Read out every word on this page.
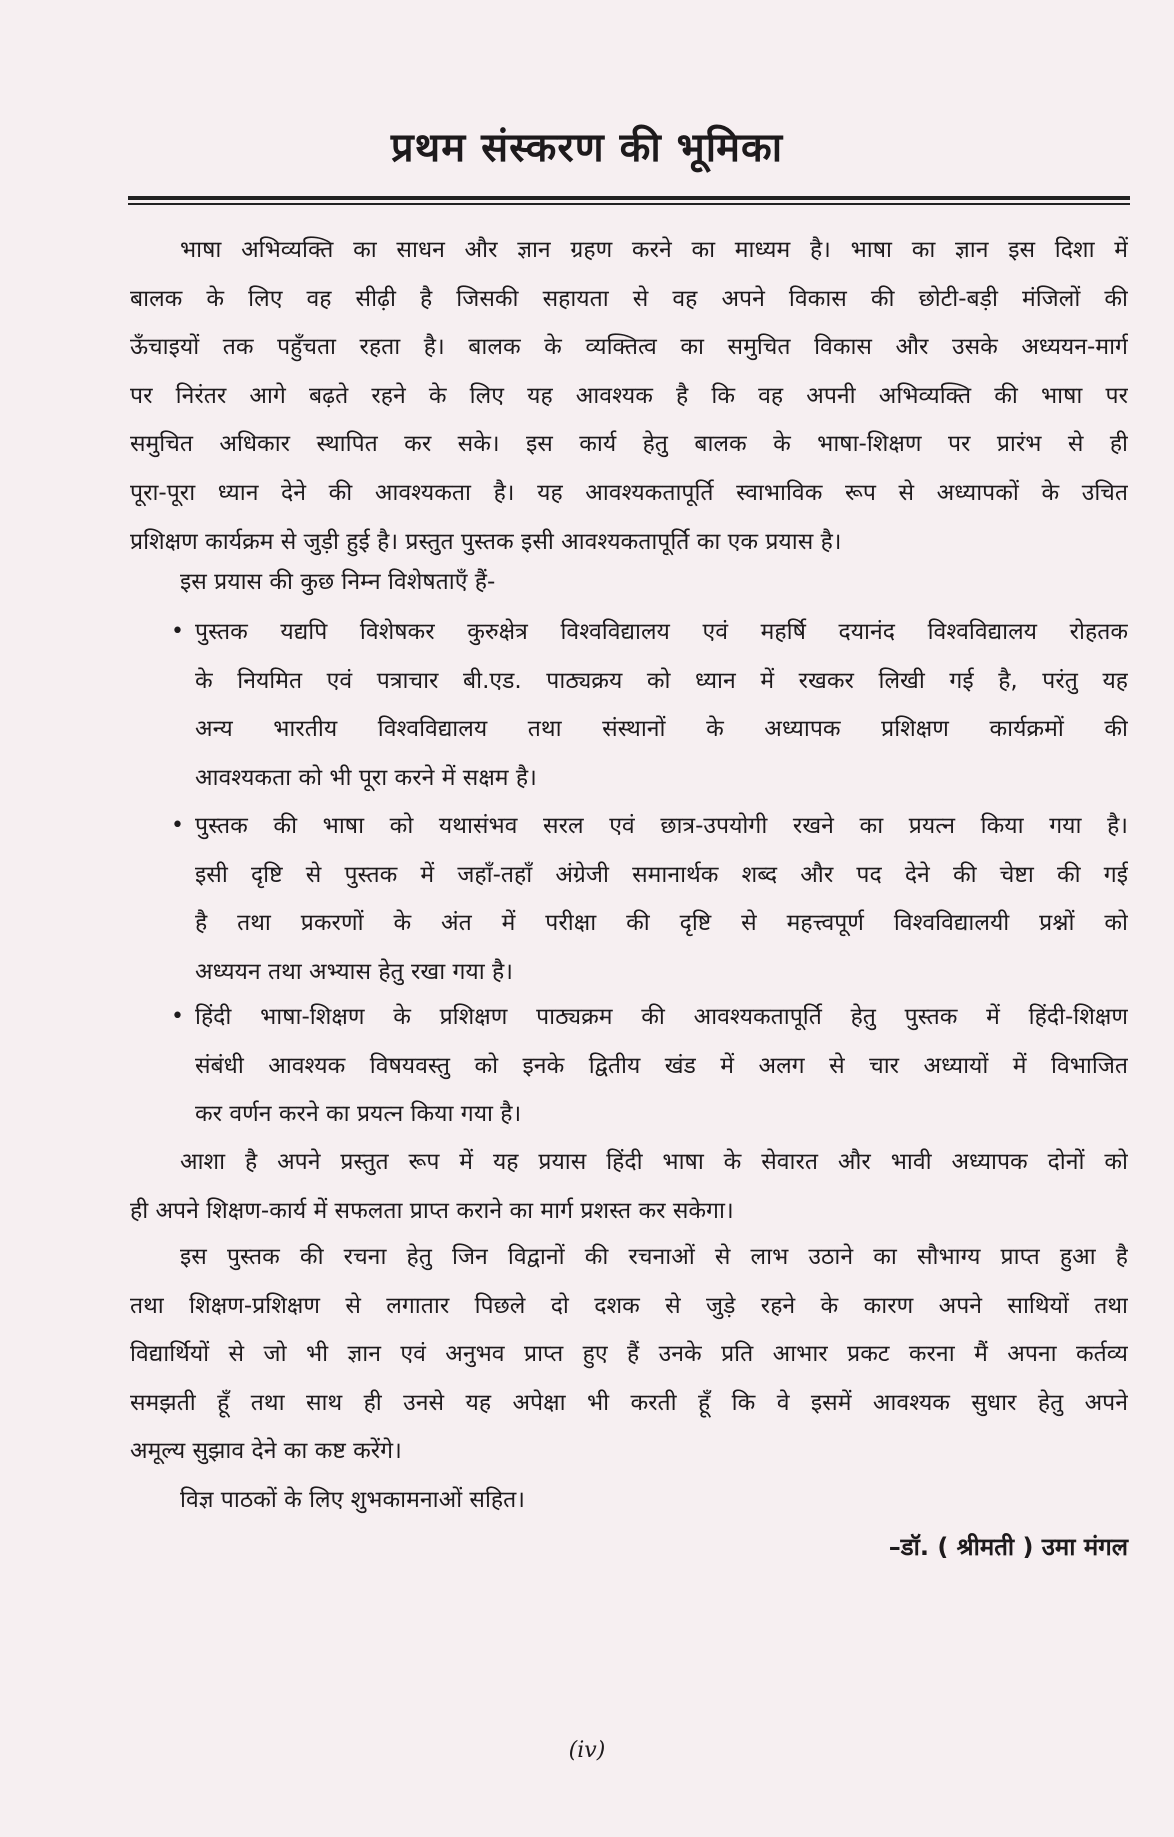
प्रथम संस्करण की भूमिका
भाषा अभिव्यक्ति का साधन और ज्ञान ग्रहण करने का माध्यम है। भाषा का ज्ञान इस दिशा में
बालक के लिए वह सीढ़ी है जिसकी सहायता से वह अपने विकास की छोटी-बड़ी मंजिलों की
ऊँचाइयों तक पहुँचता रहता है। बालक के व्यक्तित्व का समुचित विकास और उसके अध्ययन-मार्ग
पर निरंतर आगे बढ़ते रहने के लिए यह आवश्यक है कि वह अपनी अभिव्यक्ति की भाषा पर
समुचित अधिकार स्थापित कर सके। इस कार्य हेतु बालक के भाषा-शिक्षण पर प्रारंभ से ही
पूरा-पूरा ध्यान देने की आवश्यकता है। यह आवश्यकतापूर्ति स्वाभाविक रूप से अध्यापकों के उचित
प्रशिक्षण कार्यक्रम से जुड़ी हुई है। प्रस्तुत पुस्तक इसी आवश्यकतापूर्ति का एक प्रयास है।
इस प्रयास की कुछ निम्न विशेषताएँ हैं-
• पुस्तक यद्यपि विशेषकर कुरुक्षेत्र विश्वविद्यालय एवं महर्षि दयानंद विश्वविद्यालय रोहतक
के नियमित एवं पत्राचार बी.एड. पाठ्यक्रय को ध्यान में रखकर लिखी गई है, परंतु यह
अन्य भारतीय विश्वविद्यालय तथा संस्थानों के अध्यापक प्रशिक्षण कार्यक्रमों की
आवश्यकता को भी पूरा करने में सक्षम है।
• पुस्तक की भाषा को यथासंभव सरल एवं छात्र-उपयोगी रखने का प्रयत्न किया गया है।
इसी दृष्टि से पुस्तक में जहाँ-तहाँ अंग्रेजी समानार्थक शब्द और पद देने की चेष्टा की गई
है तथा प्रकरणों के अंत में परीक्षा की दृष्टि से महत्त्वपूर्ण विश्वविद्यालयी प्रश्नों को
अध्ययन तथा अभ्यास हेतु रखा गया है।
• हिंदी भाषा-शिक्षण के प्रशिक्षण पाठ्यक्रम की आवश्यकतापूर्ति हेतु पुस्तक में हिंदी-शिक्षण
संबंधी आवश्यक विषयवस्तु को इनके द्वितीय खंड में अलग से चार अध्यायों में विभाजित
कर वर्णन करने का प्रयत्न किया गया है।
आशा है अपने प्रस्तुत रूप में यह प्रयास हिंदी भाषा के सेवारत और भावी अध्यापक दोनों को
ही अपने शिक्षण-कार्य में सफलता प्राप्त कराने का मार्ग प्रशस्त कर सकेगा।
इस पुस्तक की रचना हेतु जिन विद्वानों की रचनाओं से लाभ उठाने का सौभाग्य प्राप्त हुआ है
तथा शिक्षण-प्रशिक्षण से लगातार पिछले दो दशक से जुड़े रहने के कारण अपने साथियों तथा
विद्यार्थियों से जो भी ज्ञान एवं अनुभव प्राप्त हुए हैं उनके प्रति आभार प्रकट करना मैं अपना कर्तव्य
समझती हूँ तथा साथ ही उनसे यह अपेक्षा भी करती हूँ कि वे इसमें आवश्यक सुधार हेतु अपने
अमूल्य सुझाव देने का कष्ट करेंगे।
विज्ञ पाठकों के लिए शुभकामनाओं सहित।
–डॉ. ( श्रीमती ) उमा मंगल
(iv)
